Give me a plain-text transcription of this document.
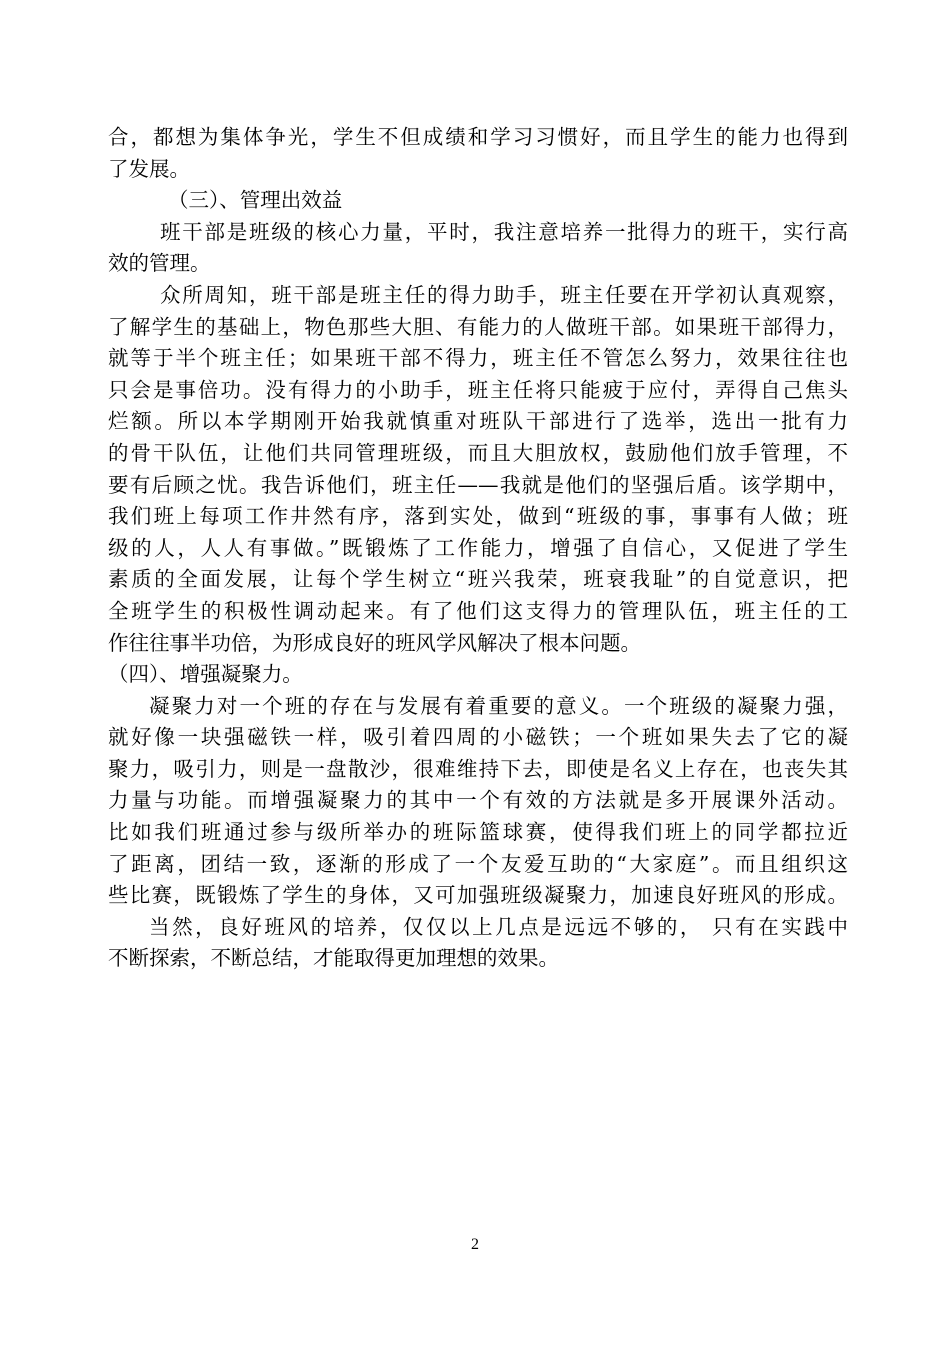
合，都想为集体争光，学生不但成绩和学习习惯好，而且学生的能力也得到
了发展。
（三）、管理出效益
班干部是班级的核心力量，平时，我注意培养一批得力的班干，实行高
效的管理。
众所周知，班干部是班主任的得力助手，班主任要在开学初认真观察，
了解学生的基础上，物色那些大胆、有能力的人做班干部。如果班干部得力，
就等于半个班主任；如果班干部不得力，班主任不管怎么努力，效果往往也
只会是事倍功。没有得力的小助手，班主任将只能疲于应付，弄得自己焦头
烂额。所以本学期刚开始我就慎重对班队干部进行了选举，选出一批有力
的骨干队伍，让他们共同管理班级，而且大胆放权，鼓励他们放手管理，不
要有后顾之忧。我告诉他们，班主任——我就是他们的坚强后盾。该学期中，
我们班上每项工作井然有序，落到实处，做到“班级的事，事事有人做；班
级的人，人人有事做。”既锻炼了工作能力，增强了自信心，又促进了学生
素质的全面发展，让每个学生树立“班兴我荣，班衰我耻”的自觉意识，把
全班学生的积极性调动起来。有了他们这支得力的管理队伍，班主任的工
作往往事半功倍，为形成良好的班风学风解决了根本问题。
（四）、增强凝聚力。
凝聚力对一个班的存在与发展有着重要的意义。一个班级的凝聚力强，
就好像一块强磁铁一样，吸引着四周的小磁铁；一个班如果失去了它的凝
聚力，吸引力，则是一盘散沙，很难维持下去，即使是名义上存在，也丧失其
力量与功能。而增强凝聚力的其中一个有效的方法就是多开展课外活动。
比如我们班通过参与级所举办的班际篮球赛，使得我们班上的同学都拉近
了距离，团结一致，逐渐的形成了一个友爱互助的“大家庭”。而且组织这
些比赛，既锻炼了学生的身体，又可加强班级凝聚力，加速良好班风的形成。
当然，良好班风的培养，仅仅以上几点是远远不够的， 只有在实践中
不断探索，不断总结，才能取得更加理想的效果。
2
